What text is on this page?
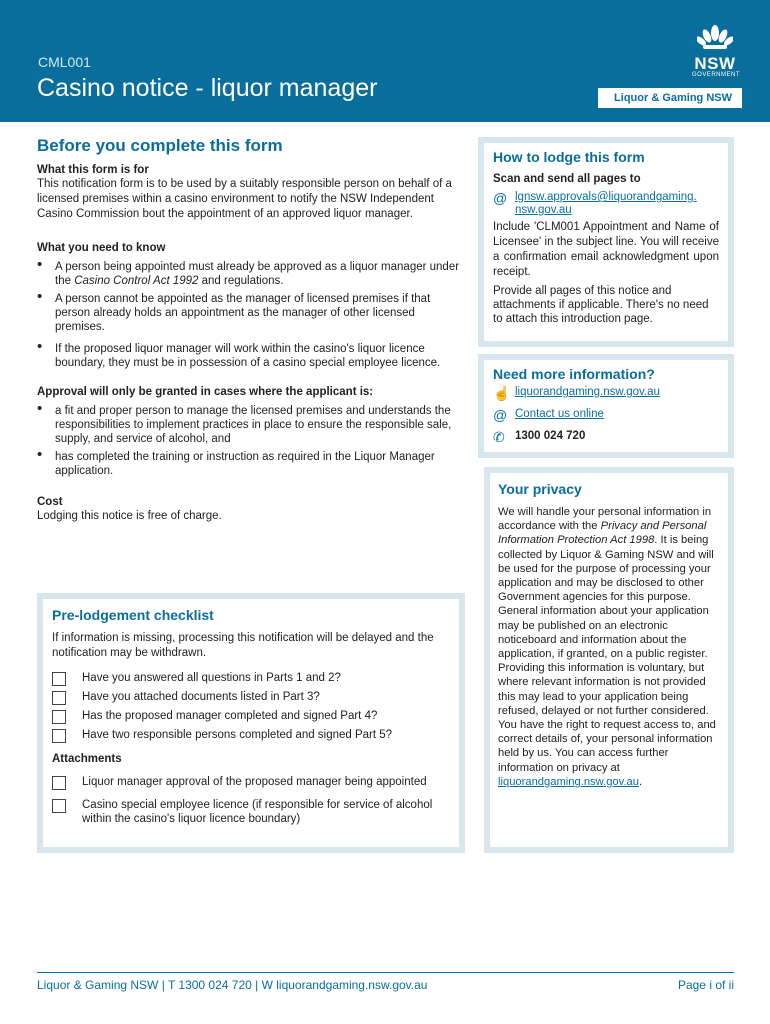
CML001
Casino notice - liquor manager
NSW
GOVERNMENT
Liquor & Gaming NSW
Before you complete this form
What this form is for
This notification form is to be used by a suitably responsible person on behalf of a licensed premises within a casino environment to notify the NSW Independent Casino Commission bout the appointment of an approved liquor manager.
What you need to know
• A person being appointed must already be approved as a liquor manager under the Casino Control Act 1992 and regulations.
• A person cannot be appointed as the manager of licensed premises if that person already holds an appointment as the manager of other licensed premises.
• If the proposed liquor manager will work within the casino's liquor licence boundary, they must be in possession of a casino special employee licence.
Approval will only be granted in cases where the applicant is:
• a fit and proper person to manage the licensed premises and understands the responsibilities to implement practices in place to ensure the responsible sale, supply, and service of alcohol, and
• has completed the training or instruction as required in the Liquor Manager application.
Cost
Lodging this notice is free of charge.
Pre-lodgement checklist
If information is missing, processing this notification will be delayed and the notification may be withdrawn.
Have you answered all questions in Parts 1 and 2?
Have you attached documents listed in Part 3?
Has the proposed manager completed and signed Part 4?
Have two responsible persons completed and signed Part 5?
Attachments
Liquor manager approval of the proposed manager being appointed
Casino special employee licence (if responsible for service of alcohol within the casino's liquor licence boundary)
How to lodge this form
Scan and send all pages to
@ lgnsw.approvals@liquorandgaming.
nsw.gov.au
Include 'CLM001 Appointment and Name of Licensee' in the subject line. You will receive a confirmation email acknowledgment upon receipt.
Provide all pages of this notice and attachments if applicable. There's no need to attach this introduction page.
Need more information?
☝ liquorandgaming.nsw.gov.au
@ Contact us online
✆ 1300 024 720
Your privacy
We will handle your personal information in accordance with the Privacy and Personal Information Protection Act 1998. It is being collected by Liquor & Gaming NSW and will be used for the purpose of processing your application and may be disclosed to other Government agencies for this purpose. General information about your application may be published on an electronic noticeboard and information about the application, if granted, on a public register. Providing this information is voluntary, but where relevant information is not provided this may lead to your application being refused, delayed or not further considered. You have the right to request access to, and correct details of, your personal information held by us. You can access further information on privacy at liquorandgaming.nsw.gov.au.
Liquor & Gaming NSW | T 1300 024 720 | W liquorandgaming.nsw.gov.au	Page i of ii
